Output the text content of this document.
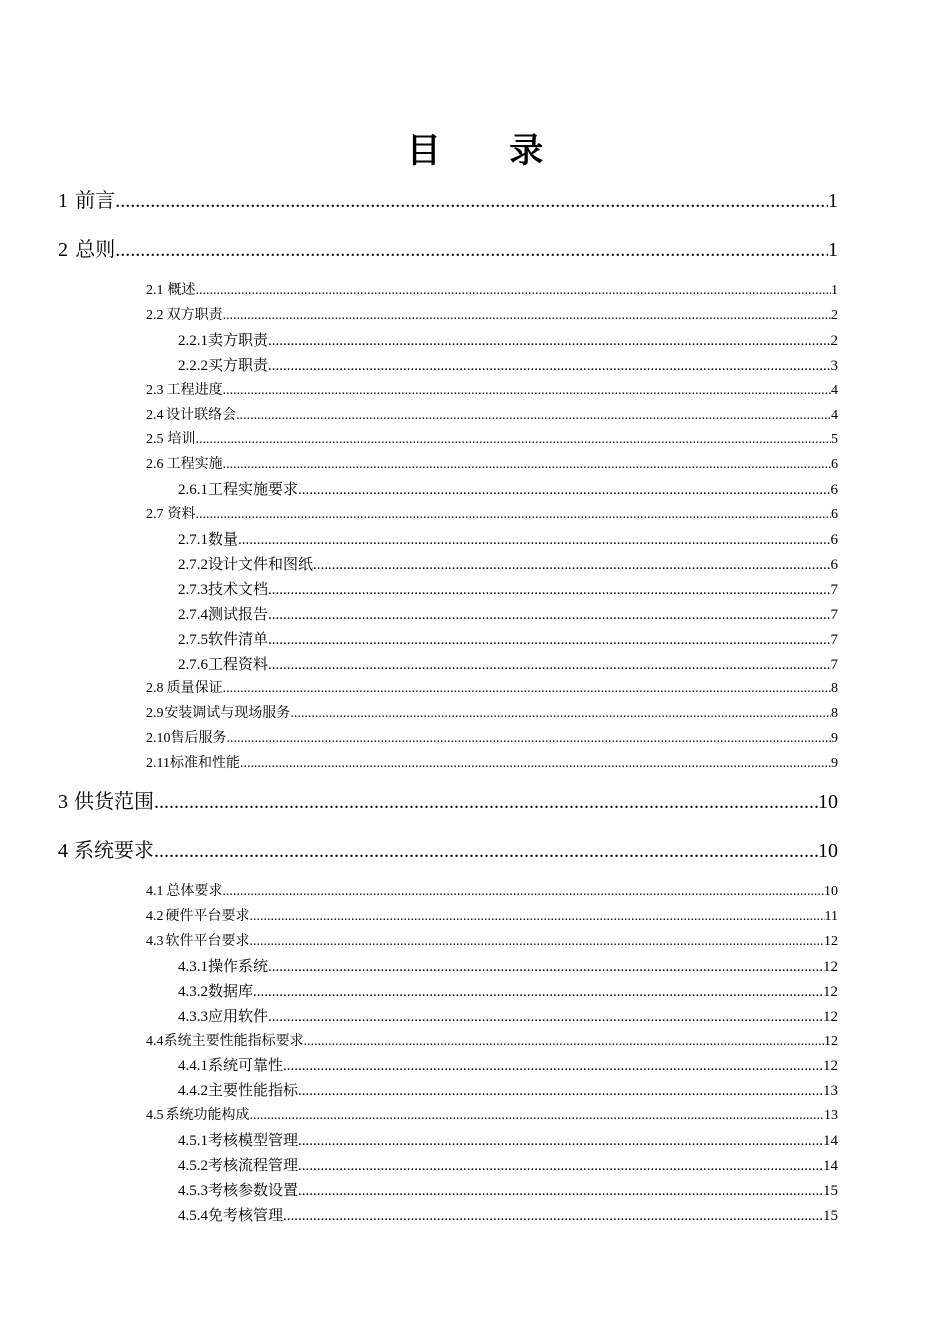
目 录
1 前言 .....	1
2 总则 .....	1
2.1 概述 .....	1
2.2 双方职责 .....	2
2.2.1 卖方职责 .....	2
2.2.2 买方职责 .....	3
2.3 工程进度 .....	4
2.4 设计联络会 .....	4
2.5 培训 .....	5
2.6 工程实施 .....	6
2.6.1 工程实施要求 .....	6
2.7 资料 .....	6
2.7.1 数量 .....	6
2.7.2 设计文件和图纸 .....	6
2.7.3 技术文档 .....	7
2.7.4 测试报告 .....	7
2.7.5 软件清单 .....	7
2.7.6 工程资料 .....	7
2.8 质量保证 .....	8
2.9 安装调试与现场服务 .....	8
2.10 售后服务 .....	9
2.11 标准和性能 .....	9
3 供货范围 .....	10
4 系统要求 .....	10
4.1 总体要求 .....	10
4.2 硬件平台要求 .....	11
4.3 软件平台要求 .....	12
4.3.1 操作系统 .....	12
4.3.2 数据库 .....	12
4.3.3 应用软件 .....	12
4.4 系统主要性能指标要求 .....	12
4.4.1 系统可靠性 .....	12
4.4.2 主要性能指标 .....	13
4.5 系统功能构成 .....	13
4.5.1 考核模型管理 .....	14
4.5.2 考核流程管理 .....	14
4.5.3 考核参数设置 .....	15
4.5.4 免考核管理 .....	15
